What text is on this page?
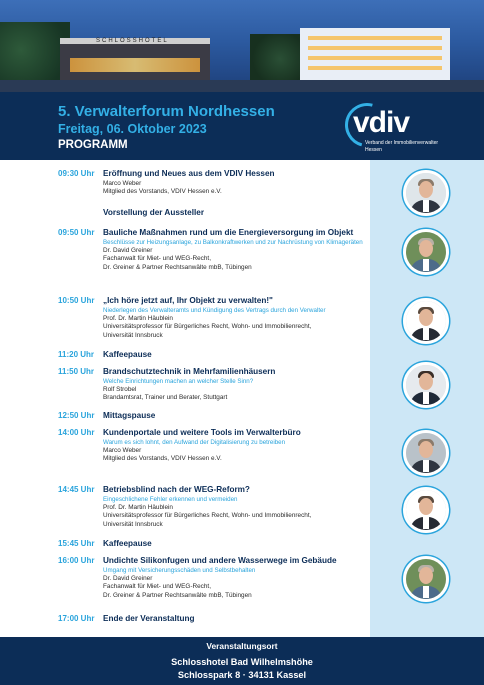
SCHLOSSHOTEL
5. Verwalterforum Nordhessen
Freitag, 06. Oktober 2023
PROGRAMM
vdiv
Verband der Immobilienverwalter
Hessen
09:30 Uhr Eröffnung und Neues aus dem VDIV Hessen
Marco Weber
Mitglied des Vorstands, VDIV Hessen e.V.
Vorstellung der Aussteller
09:50 Uhr Bauliche Maßnahmen rund um die Energieversorgung im Objekt
Beschlüsse zur Heizungsanlage, zu Balkonkraftwerken und zur Nachrüstung von Klimageräten
Dr. David Greiner
Fachanwalt für Miet- und WEG-Recht,
Dr. Greiner & Partner Rechtsanwälte mbB, Tübingen
10:50 Uhr „Ich höre jetzt auf, Ihr Objekt zu verwalten!"
Niederlegen des Verwalteramts und Kündigung des Vertrags durch den Verwalter
Prof. Dr. Martin Häublein
Universitätsprofessor für Bürgerliches Recht, Wohn- und Immobilienrecht,
Universität Innsbruck
11:20 Uhr Kaffeepause
11:50 Uhr Brandschutztechnik in Mehrfamilienhäusern
Welche Einrichtungen machen an welcher Stelle Sinn?
Rolf Strobel
Brandamtsrat, Trainer und Berater, Stuttgart
12:50 Uhr Mittagspause
14:00 Uhr Kundenportale und weitere Tools im Verwalterbüro
Warum es sich lohnt, den Aufwand der Digitalisierung zu betreiben
Marco Weber
Mitglied des Vorstands, VDIV Hessen e.V.
14:45 Uhr Betriebsblind nach der WEG-Reform?
Eingeschlichene Fehler erkennen und vermeiden
Prof. Dr. Martin Häublein
Universitätsprofessor für Bürgerliches Recht, Wohn- und Immobilienrecht,
Universität Innsbruck
15:45 Uhr Kaffeepause
16:00 Uhr Undichte Silikonfugen und andere Wasserwege im Gebäude
Umgang mit Versicherungsschäden und Selbstbehalten
Dr. David Greiner
Fachanwalt für Miet- und WEG-Recht,
Dr. Greiner & Partner Rechtsanwälte mbB, Tübingen
17:00 Uhr Ende der Veranstaltung
Veranstaltungsort
Schlosshotel Bad Wilhelmshöhe
Schlosspark 8 · 34131 Kassel
